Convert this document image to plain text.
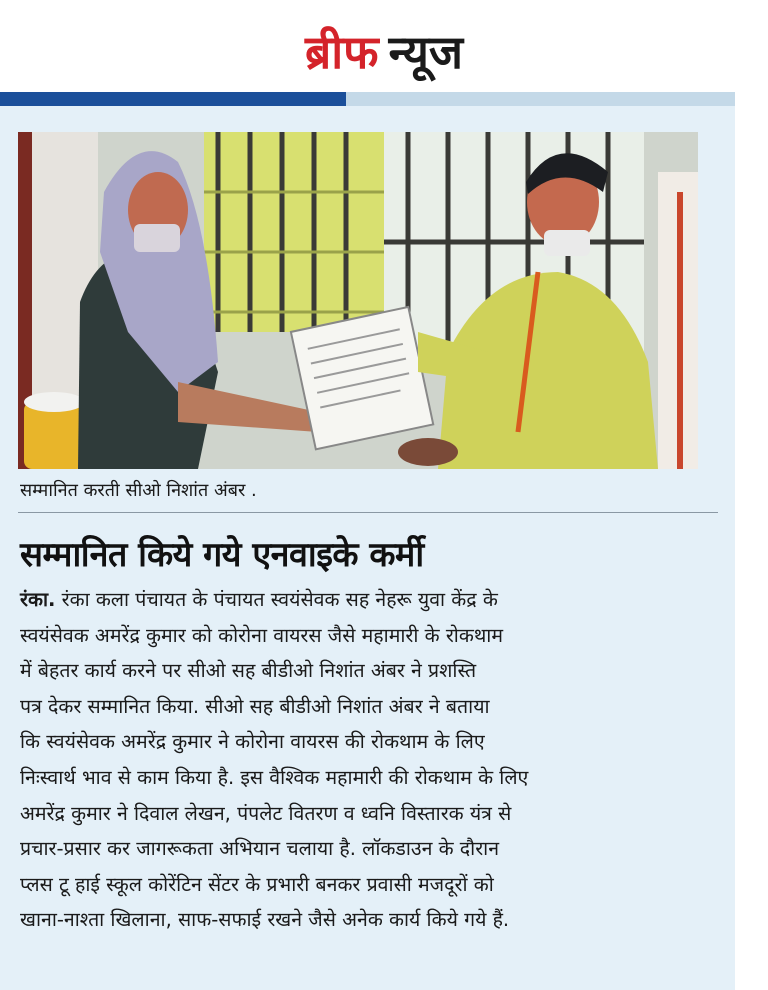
ब्रीफ न्यूज
सम्मानित करती सीओ निशांत अंबर .
सम्मानित किये गये एनवाइके कर्मी
रंका. रंका कला पंचायत के पंचायत स्वयंसेवक सह नेहरू युवा केंद्र के
स्वयंसेवक अमरेंद्र कुमार को कोरोना वायरस जैसे महामारी के रोकथाम
में बेहतर कार्य करने पर सीओ सह बीडीओ निशांत अंबर ने प्रशस्ति
पत्र देकर सम्मानित किया. सीओ सह बीडीओ निशांत अंबर ने बताया
कि स्वयंसेवक अमरेंद्र कुमार ने कोरोना वायरस की रोकथाम के लिए
निःस्वार्थ भाव से काम किया है. इस वैश्विक महामारी की रोकथाम के लिए
अमरेंद्र कुमार ने दिवाल लेखन, पंपलेट वितरण व ध्वनि विस्तारक यंत्र से
प्रचार-प्रसार कर जागरूकता अभियान चलाया है. लॉकडाउन के दौरान
प्लस टू हाई स्कूल कोरेंटिन सेंटर के प्रभारी बनकर प्रवासी मजदूरों को
खाना-नाश्ता खिलाना, साफ-सफाई रखने जैसे अनेक कार्य किये गये हैं.
